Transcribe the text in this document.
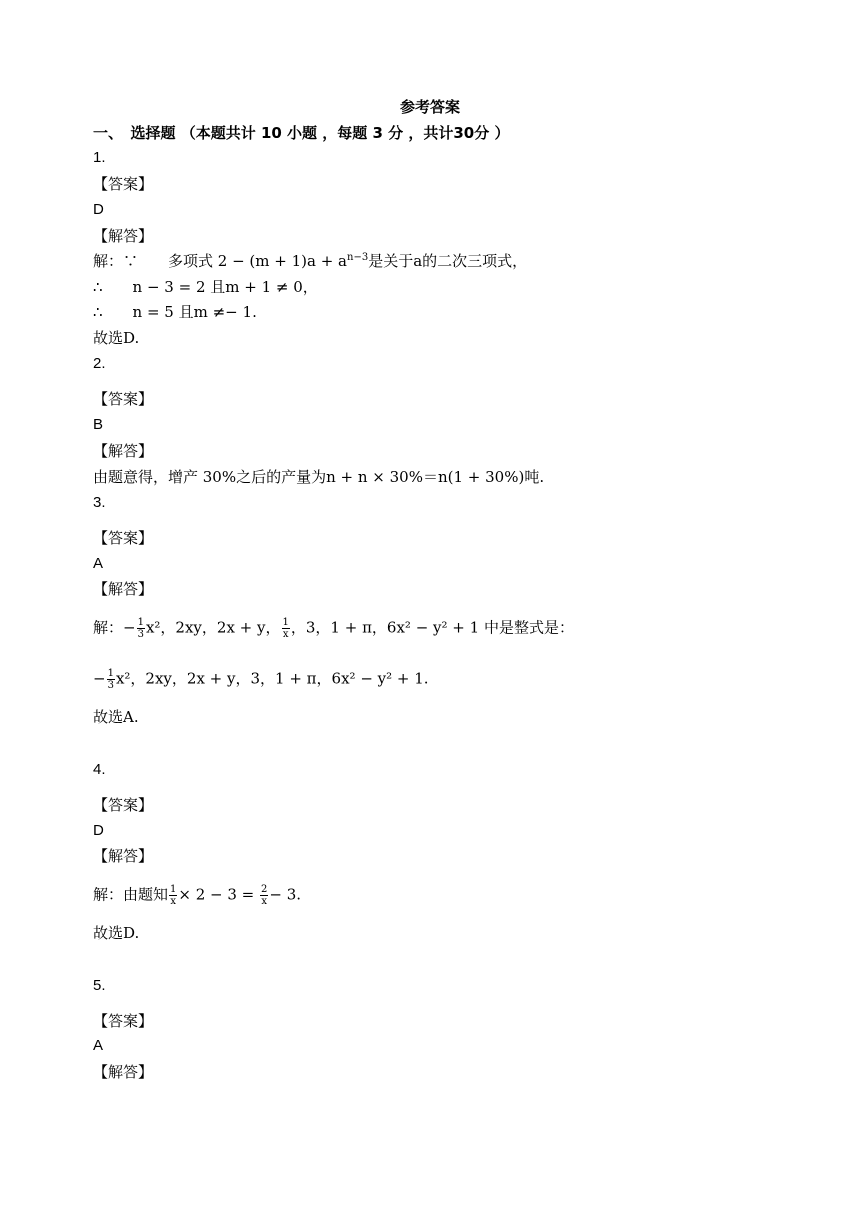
参考答案
一、　选择题 （本题共计 10 小题 ，每题 3 分 ，共计30分 ）
1.
【答案】
D
【解答】
解：∵ 多项式 $2 - (m + 1)a + a^{n-3}$是关于a的二次三项式，
∴ n − 3 = 2 且m + 1 ≠ 0，
∴ n = 5 且m ≠− 1.
故选D.
2.
【答案】
B
【解答】
由题意得，增产 30%之后的产量为n + n × 30%＝n(1 + 30%)吨.
3.
【答案】
A
【解答】
解：− $\frac{1}{3} x^2$，2xy，2x + y， $\frac{1}{x}$ ，3，1 + π，6x² − y² + 1 中是整式是：
− $\frac{1}{3} x^2$，2xy，2x + y，3，1 + π，6x² − y² + 1.
故选A.
4.
【答案】
D
【解答】
解：由题知 $\frac{1}{x} \times 2 - 3 = \frac{2}{x} - 3$.
故选D.
5.
【答案】
A
【解答】
